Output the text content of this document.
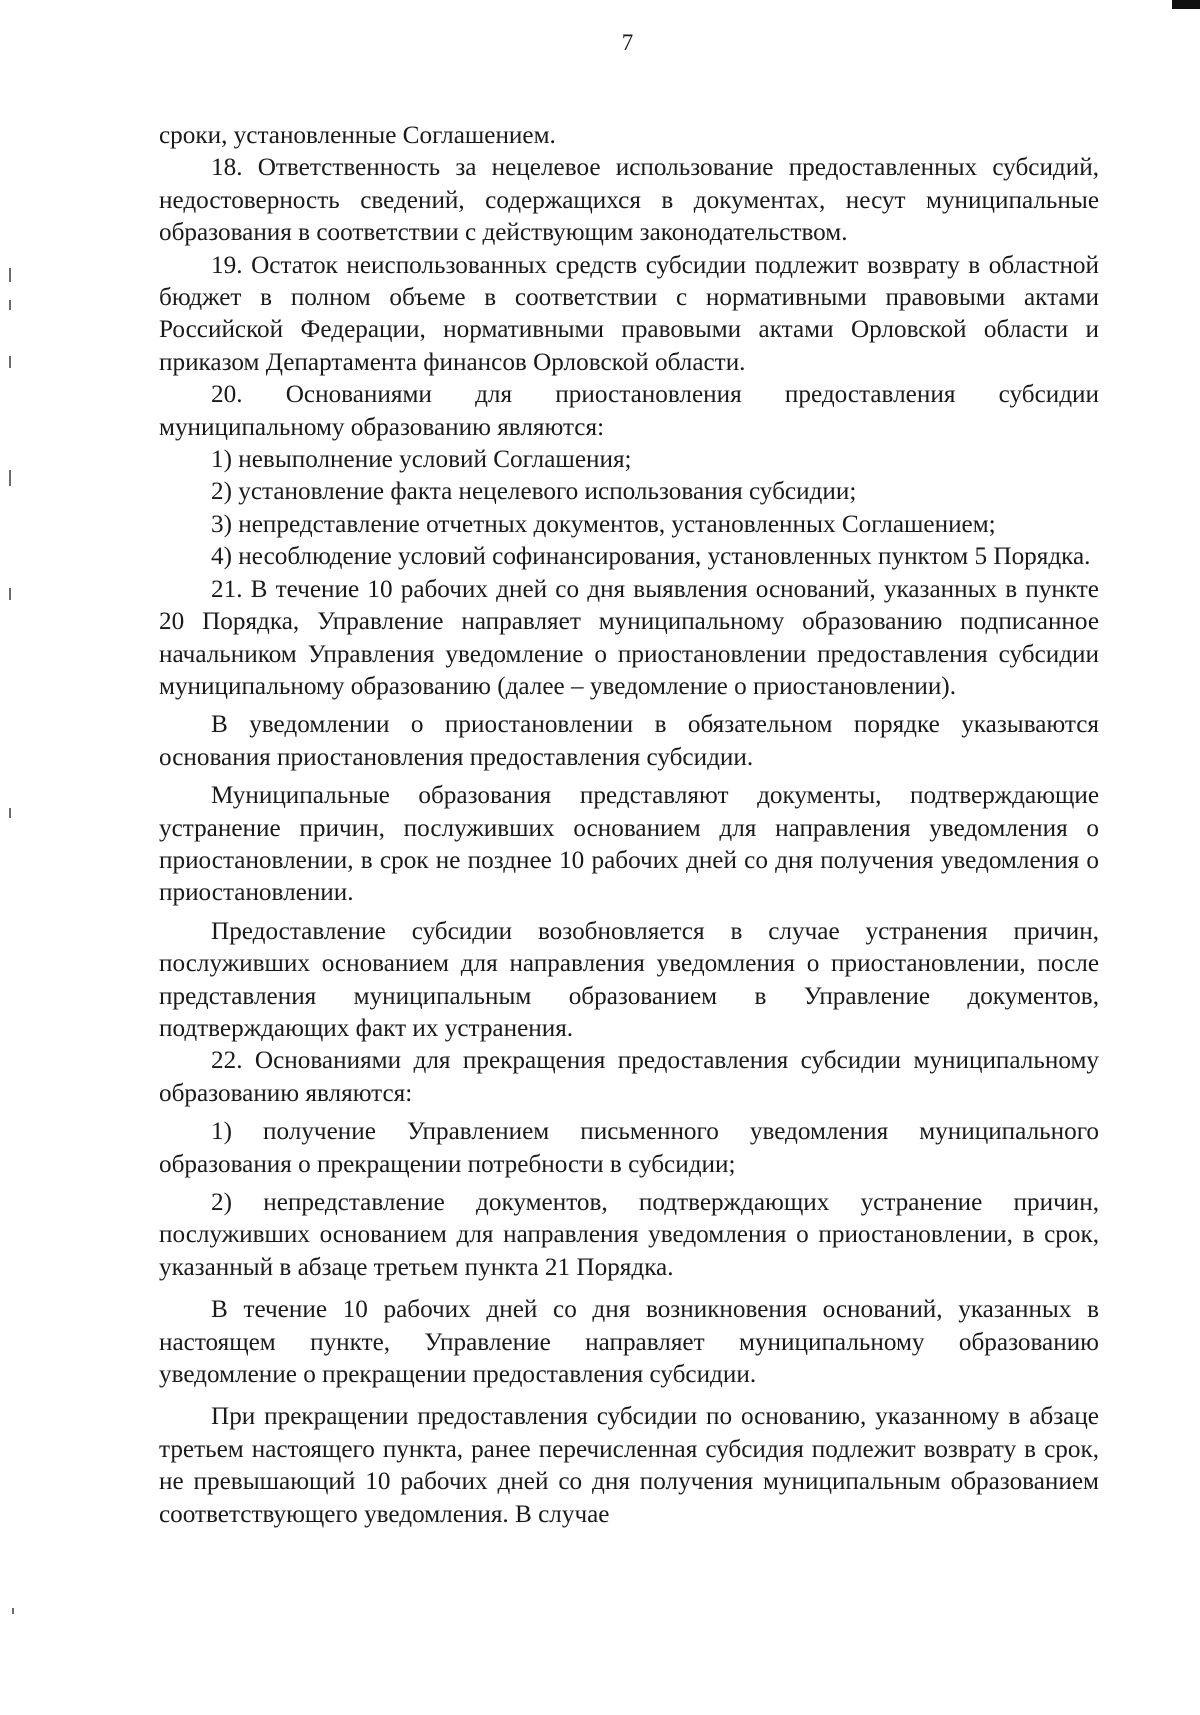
7

сроки, установленные Соглашением.

18. Ответственность за нецелевое использование предоставленных субсидий, недостоверность сведений, содержащихся в документах, несут муниципальные образования в соответствии с действующим законодательством.

19. Остаток неиспользованных средств субсидии подлежит возврату в областной бюджет в полном объеме в соответствии с нормативными правовыми актами Российской Федерации, нормативными правовыми актами Орловской области и приказом Департамента финансов Орловской области.

20. Основаниями для приостановления предоставления субсидии муниципальному образованию являются:

1) невыполнение условий Соглашения;

2) установление факта нецелевого использования субсидии;

3) непредставление отчетных документов, установленных Соглашением;

4) несоблюдение условий софинансирования, установленных пунктом 5 Порядка.

21. В течение 10 рабочих дней со дня выявления оснований, указанных в пункте 20 Порядка, Управление направляет муниципальному образованию подписанное начальником Управления уведомление о приостановлении предоставления субсидии муниципальному образованию (далее – уведомление о приостановлении).

В уведомлении о приостановлении в обязательном порядке указываются основания приостановления предоставления субсидии.

Муниципальные образования представляют документы, подтверждающие устранение причин, послуживших основанием для направления уведомления о приостановлении, в срок не позднее 10 рабочих дней со дня получения уведомления о приостановлении.

Предоставление субсидии возобновляется в случае устранения причин, послуживших основанием для направления уведомления о приостановлении, после представления муниципальным образованием в Управление документов, подтверждающих факт их устранения.

22. Основаниями для прекращения предоставления субсидии муниципальному образованию являются:

1) получение Управлением письменного уведомления муниципального образования о прекращении потребности в субсидии;

2) непредставление документов, подтверждающих устранение причин, послуживших основанием для направления уведомления о приостановлении, в срок, указанный в абзаце третьем пункта 21 Порядка.

В течение 10 рабочих дней со дня возникновения оснований, указанных в настоящем пункте, Управление направляет муниципальному образованию уведомление о прекращении предоставления субсидии.

При прекращении предоставления субсидии по основанию, указанному в абзаце третьем настоящего пункта, ранее перечисленная субсидия подлежит возврату в срок, не превышающий 10 рабочих дней со дня получения муниципальным образованием соответствующего уведомления. В случае
